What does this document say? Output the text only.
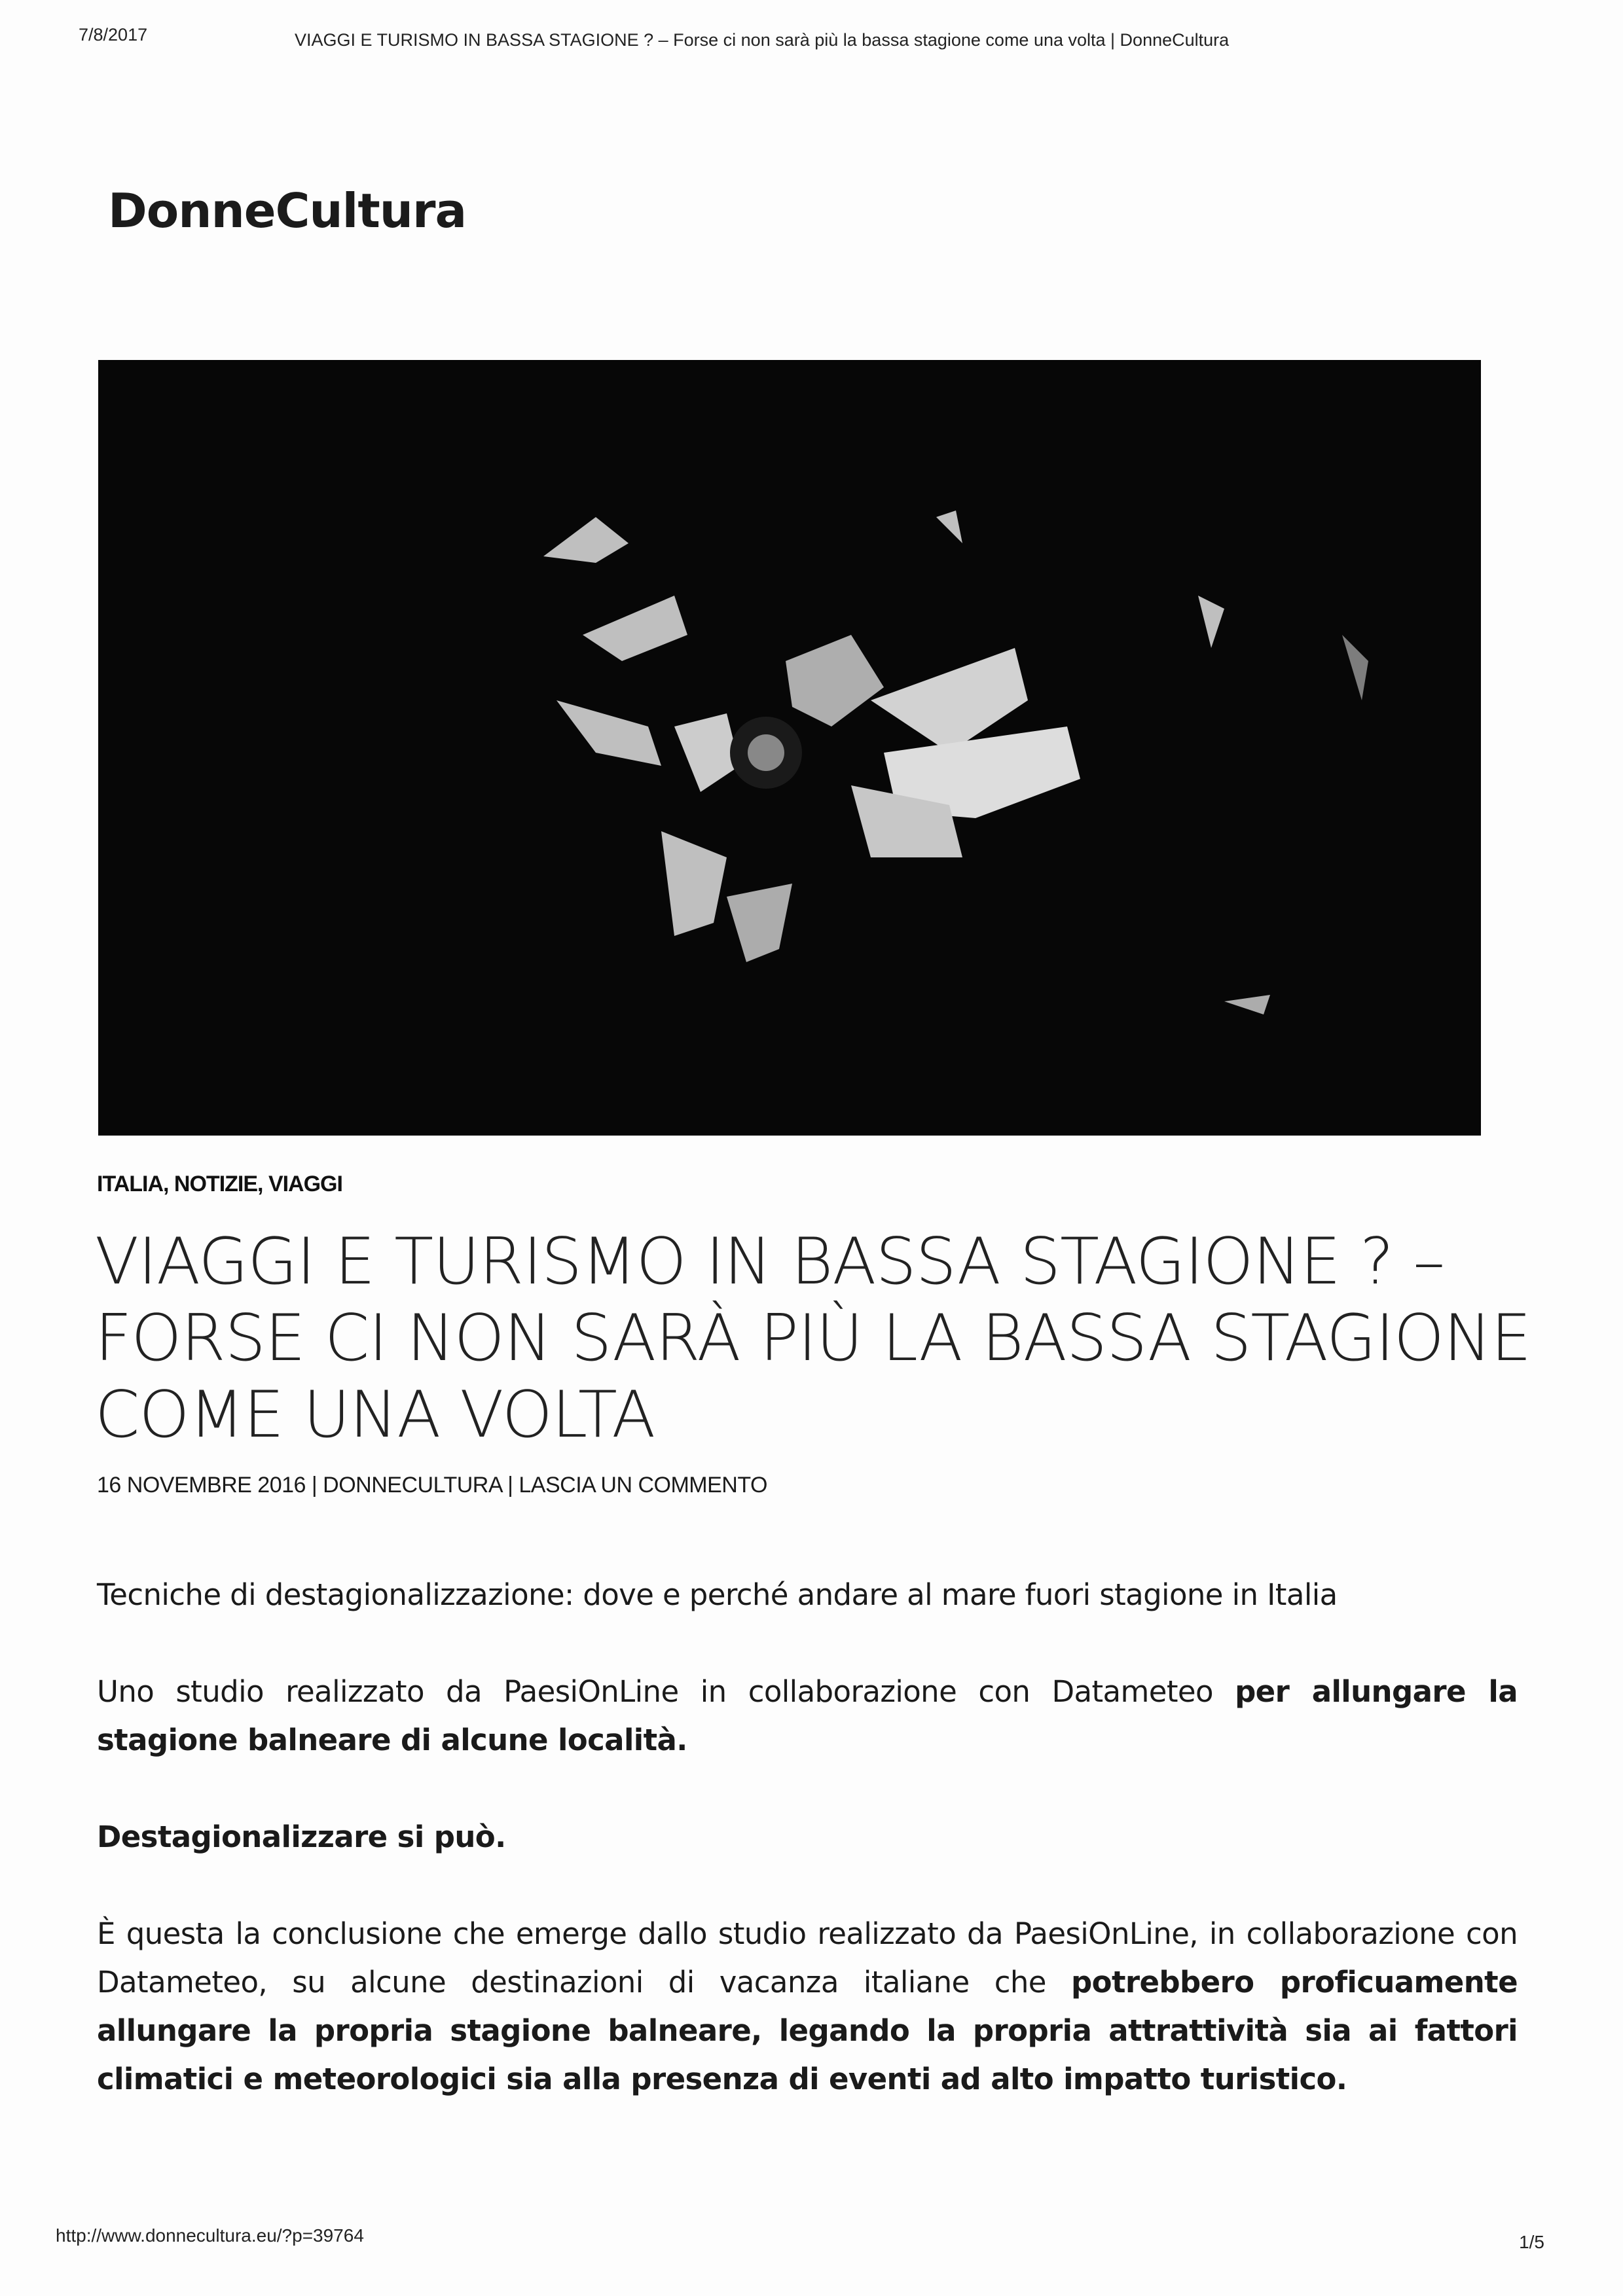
7/8/2017	VIAGGI E TURISMO IN BASSA STAGIONE ? – Forse ci non sarà più la bassa stagione come una volta | DonneCultura
DonneCultura
ITALIA, NOTIZIE, VIAGGI
VIAGGI E TURISMO IN BASSA STAGIONE ? –
FORSE CI NON SARÀ PIÙ LA BASSA STAGIONE
COME UNA VOLTA
16 NOVEMBRE 2016 | DONNECULTURA | LASCIA UN COMMENTO

Tecniche di destagionalizzazione: dove e perché andare al mare fuori stagione in Italia

Uno studio realizzato da PaesiOnLine in collaborazione con Datameteo per allungare la stagione balneare di alcune località.

Destagionalizzare si può.

È questa la conclusione che emerge dallo studio realizzato da PaesiOnLine, in collaborazione con Datameteo, su alcune destinazioni di vacanza italiane che potrebbero proficuamente allungare la propria stagione balneare, legando la propria attrattività sia ai fattori climatici e meteorologici sia alla presenza di eventi ad alto impatto turistico.

http://www.donnecultura.eu/?p=39764	1/5
